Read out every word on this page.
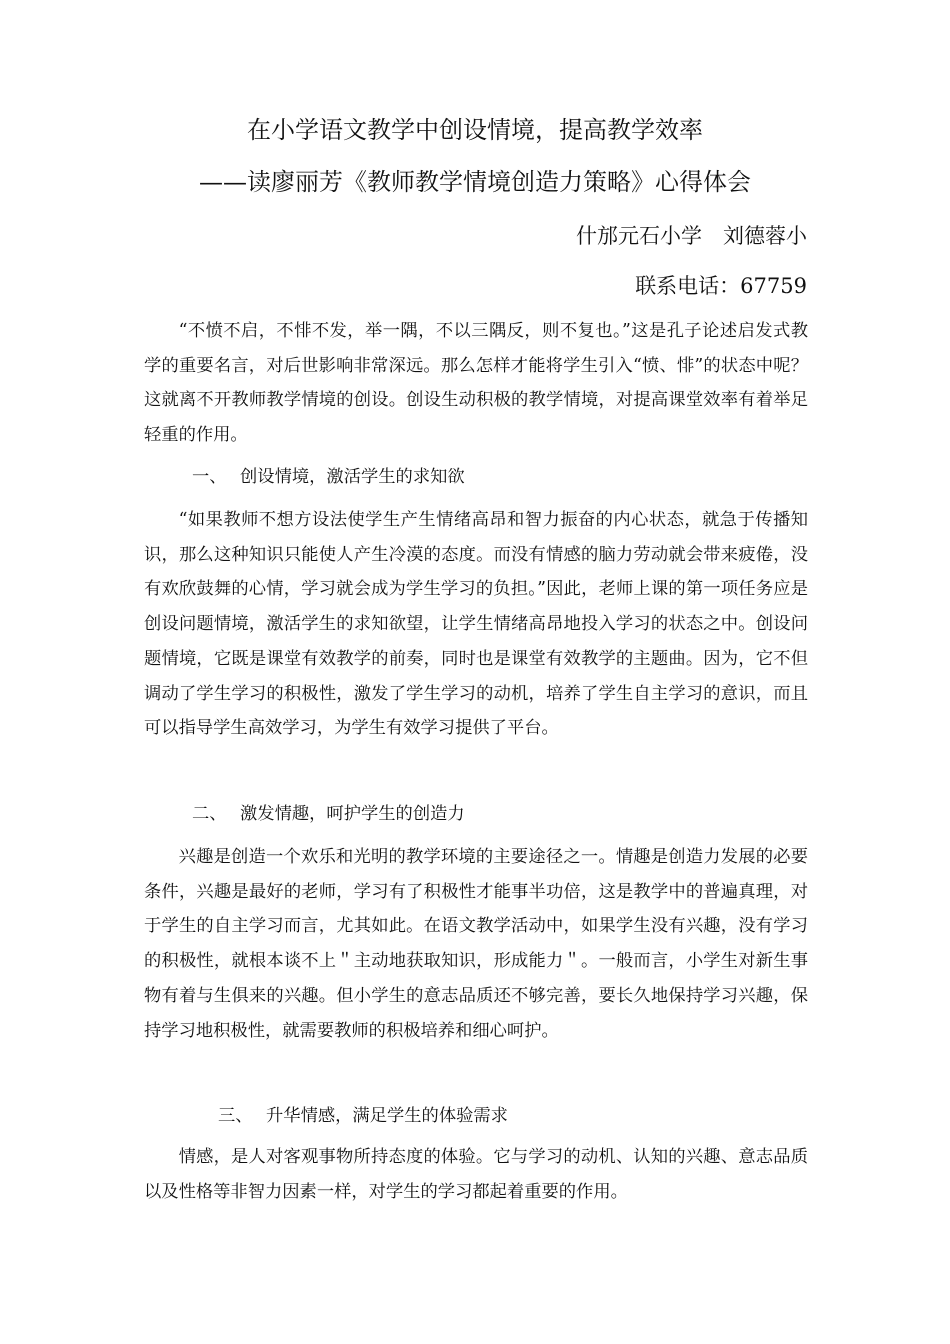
在小学语文教学中创设情境，提高教学效率
——读廖丽芳《教师教学情境创造力策略》心得体会
什邡元石小学　刘德蓉小
联系电话：67759

“不愤不启，不悱不发，举一隅，不以三隅反，则不复也。”这是孔子论述启发式教学的重要名言，对后世影响非常深远。那么怎样才能将学生引入“愤、悱”的状态中呢？这就离不开教师教学情境的创设。创设生动积极的教学情境，对提高课堂效率有着举足轻重的作用。

一、 创设情境，激活学生的求知欲

“如果教师不想方设法使学生产生情绪高昂和智力振奋的内心状态，就急于传播知识，那么这种知识只能使人产生冷漠的态度。而没有情感的脑力劳动就会带来疲倦，没有欢欣鼓舞的心情，学习就会成为学生学习的负担。”因此，老师上课的第一项任务应是创设问题情境，激活学生的求知欲望，让学生情绪高昂地投入学习的状态之中。创设问题情境，它既是课堂有效教学的前奏，同时也是课堂有效教学的主题曲。因为，它不但调动了学生学习的积极性，激发了学生学习的动机，培养了学生自主学习的意识，而且可以指导学生高效学习，为学生有效学习提供了平台。

二、 激发情趣，呵护学生的创造力

兴趣是创造一个欢乐和光明的教学环境的主要途径之一。情趣是创造力发展的必要条件，兴趣是最好的老师，学习有了积极性才能事半功倍，这是教学中的普遍真理，对于学生的自主学习而言，尤其如此。在语文教学活动中，如果学生没有兴趣，没有学习的积极性，就根本谈不上＂主动地获取知识，形成能力＂。一般而言，小学生对新生事物有着与生俱来的兴趣。但小学生的意志品质还不够完善，要长久地保持学习兴趣，保持学习地积极性，就需要教师的积极培养和细心呵护。

三、 升华情感，满足学生的体验需求

情感，是人对客观事物所持态度的体验。它与学习的动机、认知的兴趣、意志品质以及性格等非智力因素一样，对学生的学习都起着重要的作用。
